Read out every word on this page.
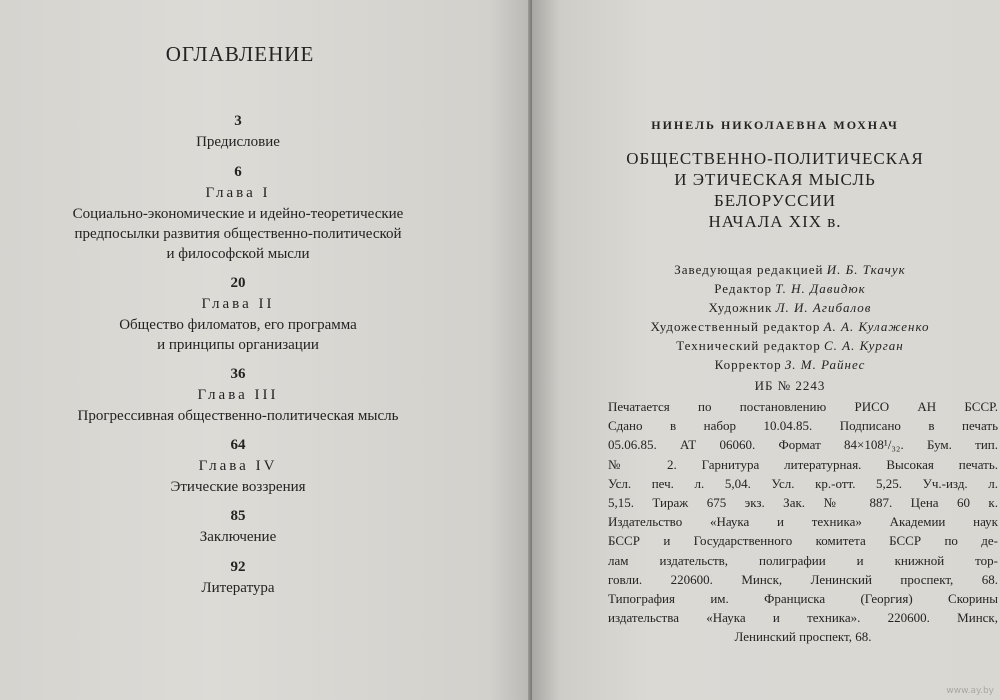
ОГЛАВЛЕНИЕ
3
Предисловие
6
Глава I
Социально-экономические и идейно-теоретические
предпосылки развития общественно-политической
и философской мысли
20
Глава II
Общество филоматов, его программа
и принципы организации
36
Глава III
Прогрессивная общественно-политическая мысль
64
Глава IV
Этические воззрения
85
Заключение
92
Литература
НИНЕЛЬ НИКОЛАЕВНА МОХНАЧ
ОБЩЕСТВЕННО-ПОЛИТИЧЕСКАЯ
И ЭТИЧЕСКАЯ МЫСЛЬ
БЕЛОРУССИИ
НАЧАЛА XIX в.
Заведующая редакцией И. Б. Ткачук
Редактор Т. Н. Давидюк
Художник Л. И. Агибалов
Художественный редактор А. А. Кулаженко
Технический редактор С. А. Курган
Корректор З. М. Райнес
ИБ № 2243
Печатается по постановлению РИСО АН БССР.
Сдано в набор 10.04.85. Подписано в печать
05.06.85. АТ 06060. Формат 84×108¹/₃₂. Бум. тип.
№ 2. Гарнитура литературная. Высокая печать.
Усл. печ. л. 5,04. Усл. кр.-отт. 5,25. Уч.-изд. л.
5,15. Тираж 675 экз. Зак. № 887. Цена 60 к.
Издательство «Наука и техника» Академии наук
БССР и Государственного комитета БССР по де-
лам издательств, полиграфии и книжной тор-
говли. 220600. Минск, Ленинский проспект, 68.
Типография им. Франциска (Георгия) Скорины
издательства «Наука и техника». 220600. Минск,
Ленинский проспект, 68.
www.ay.by
